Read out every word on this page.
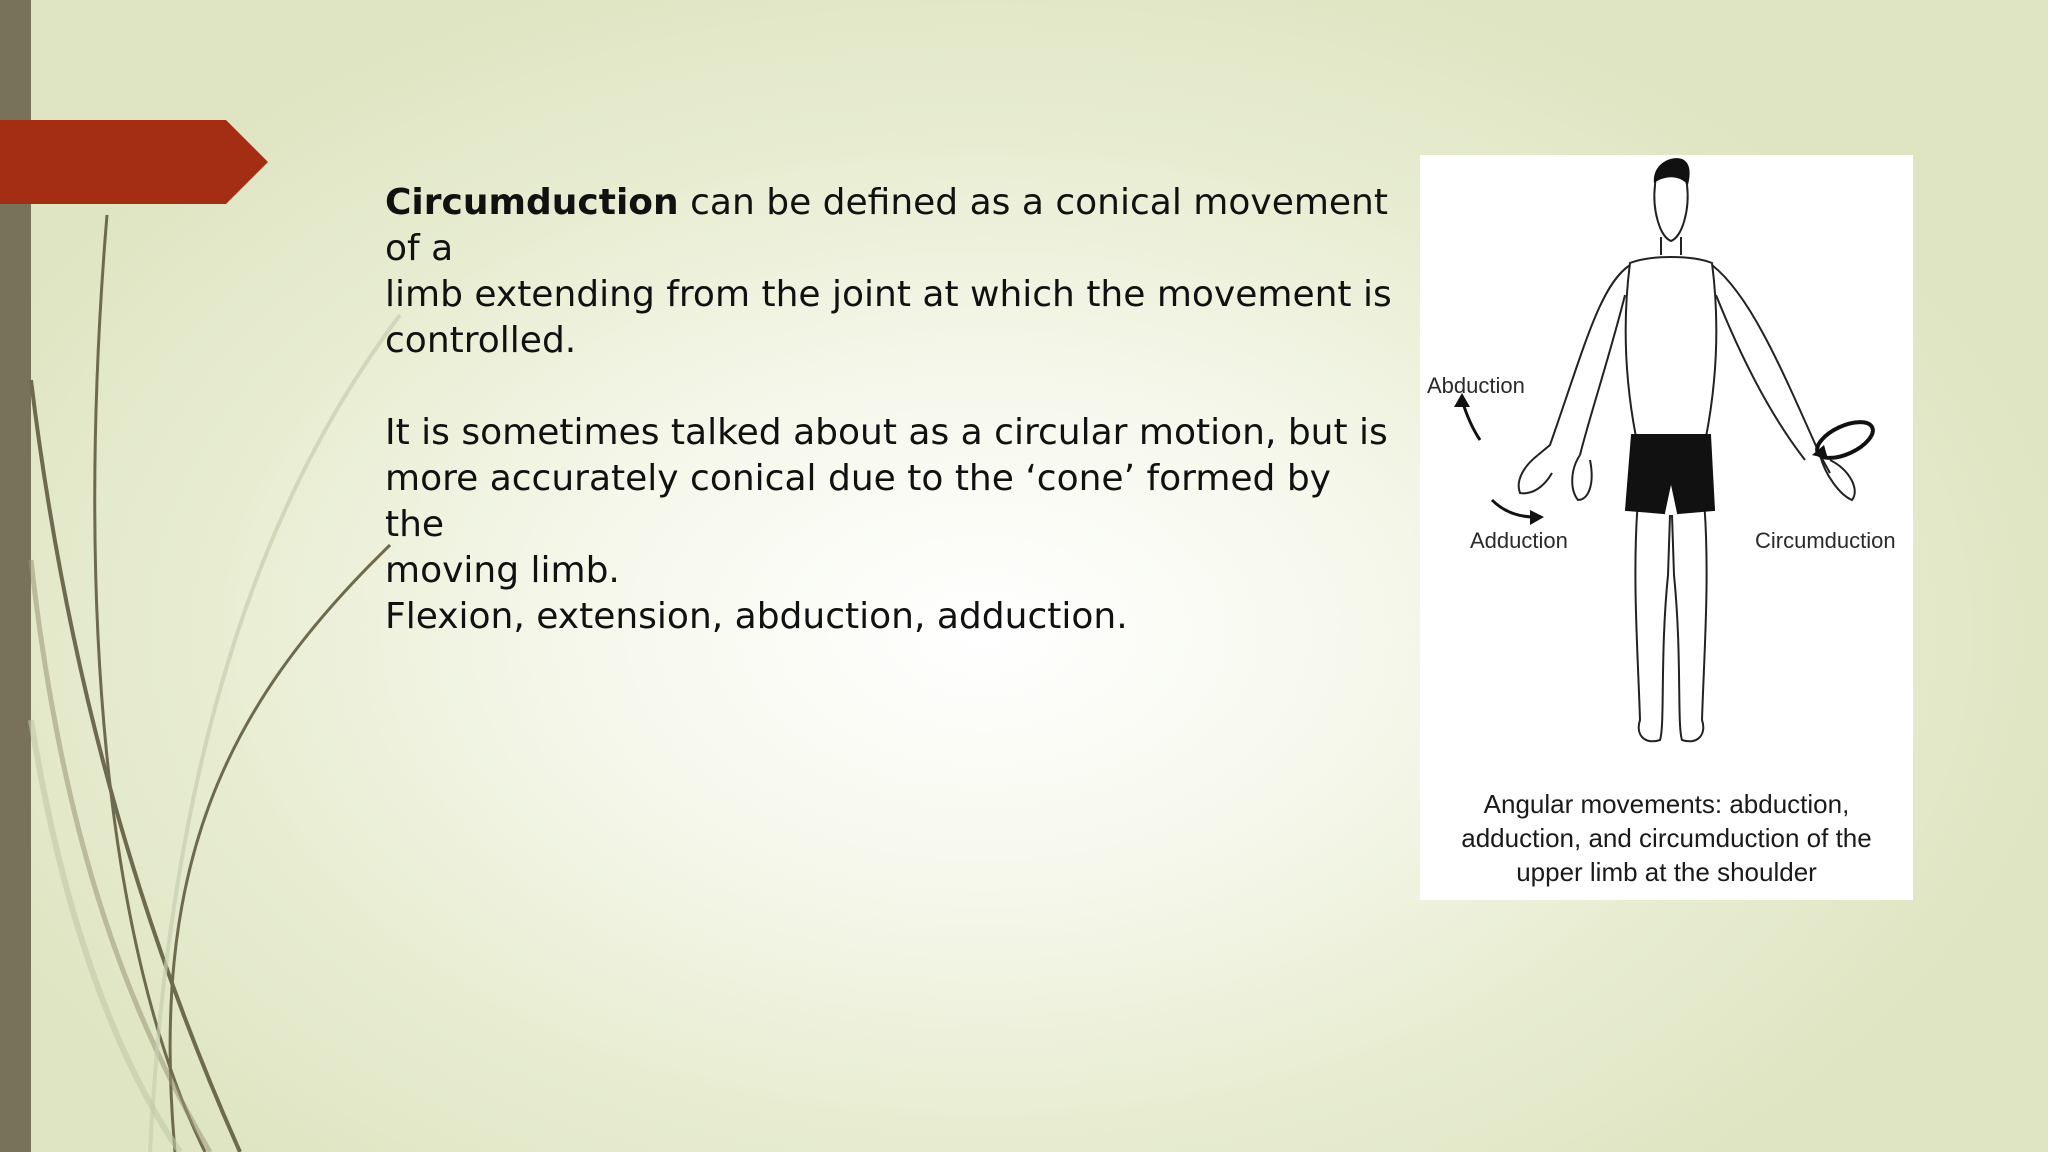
Circumduction can be defined as a conical movement of a
limb extending from the joint at which the movement is
controlled.

It is sometimes talked about as a circular motion, but is
more accurately conical due to the ‘cone’ formed by the
moving limb.

Flexion, extension, abduction, adduction.

Abduction
Adduction	Circumduction
Angular movements: abduction,
adduction, and circumduction of the
upper limb at the shoulder
